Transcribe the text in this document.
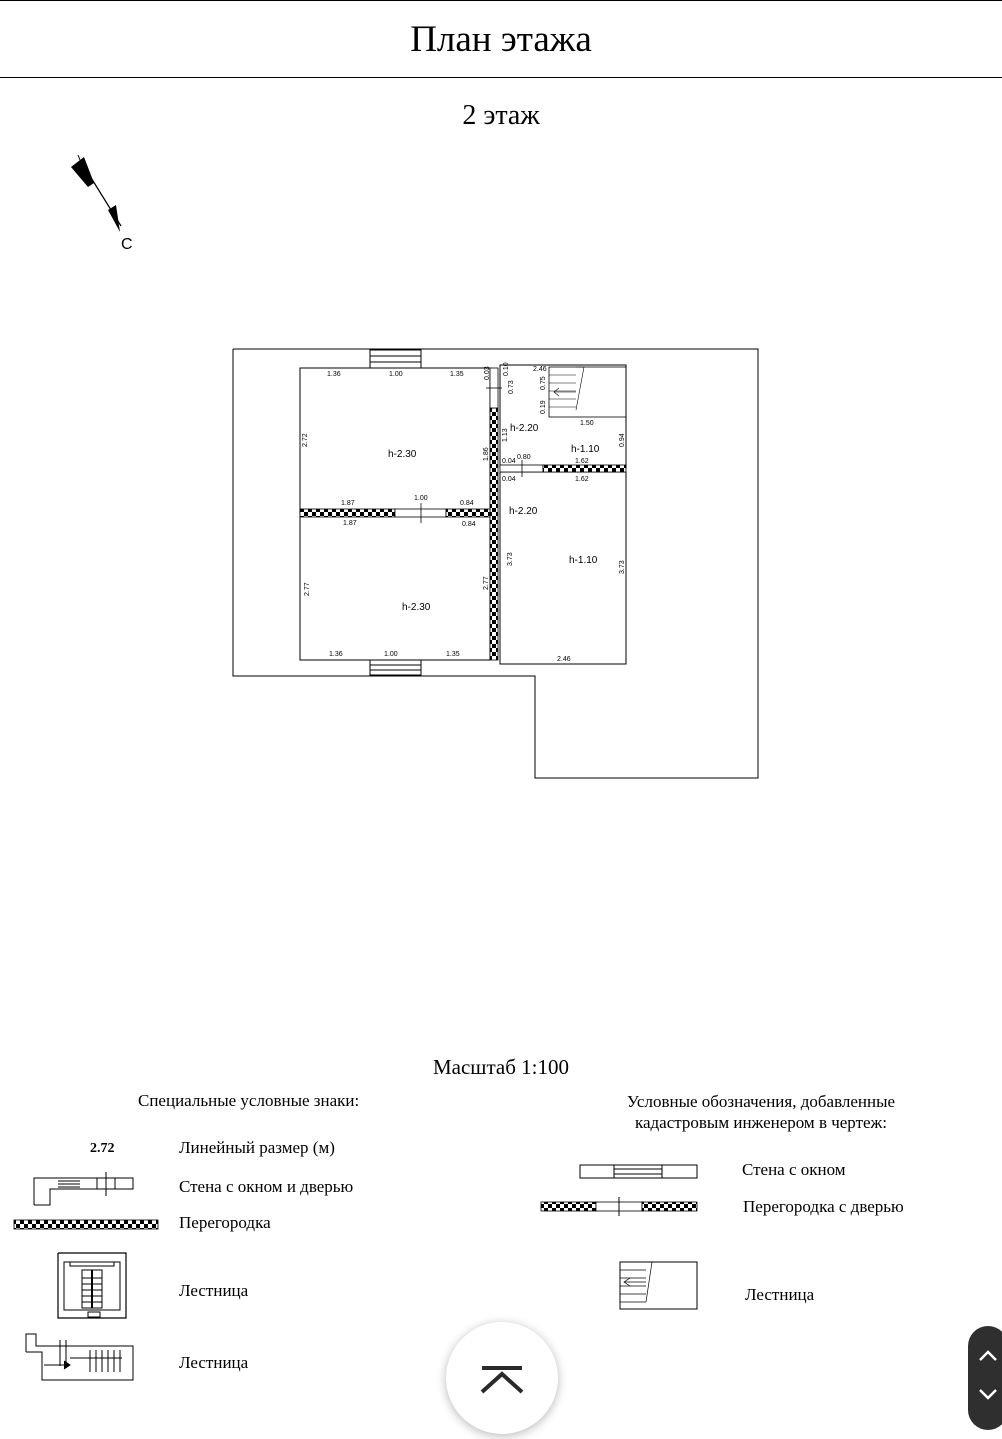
План этажа
2 этаж
С
h-2.30
h-2.30
h-2.20
h-2.20
h-1.10
h-1.10
1.36	1.00	1.35	0.03 0.10
0.73
2.46
0.75
0.19
1.50
2.72
1.86
1.13	0.94
0.04
0.80
1.62
0.04	1.62
1.87
1.00
0.84
1.87	0.84
3.73
3.73
2.77	2.77
1.36	1.00	1.35
2.46
2.72
Масштаб 1:100
Специальные условные знаки:	Условные обозначения, добавленные кадастровым инженером в чертеж:
Линейный размер (м)
Стена с окном и дверью
Перегородка
Лестница
Лестница
Стена с окном
Перегородка с дверью
Лестница
